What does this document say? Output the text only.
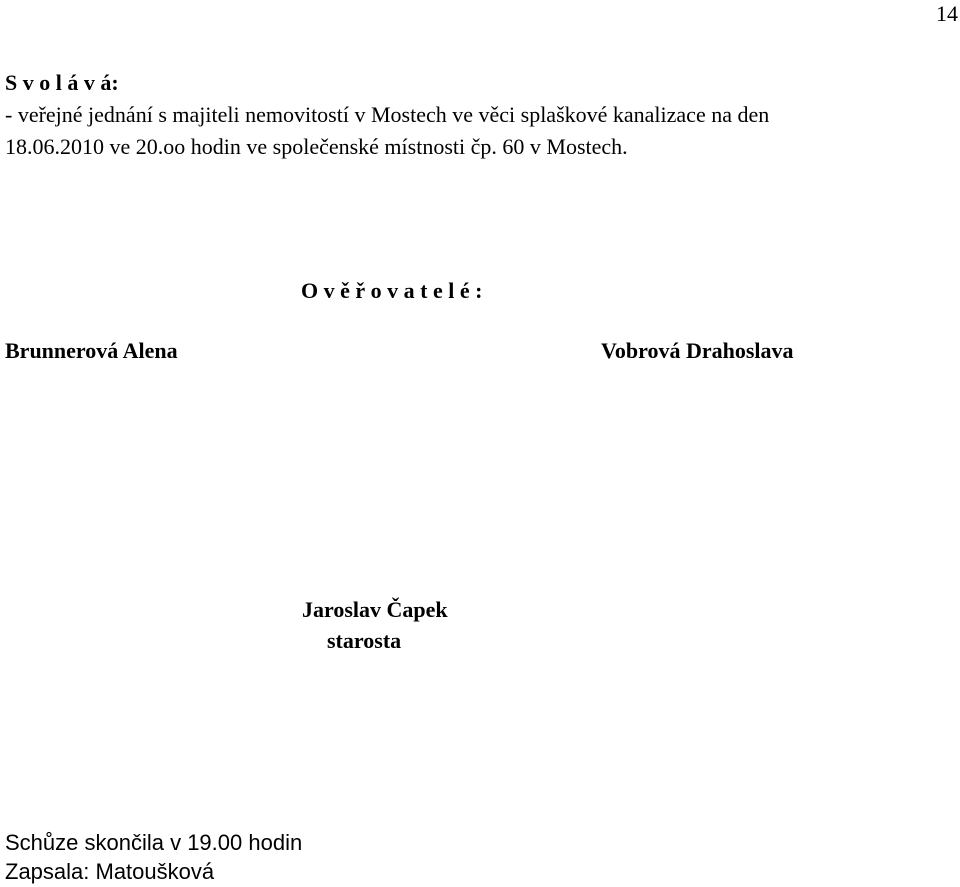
14
S v o l á v á:
- veřejné jednání s majiteli nemovitostí v Mostech ve věci splaškové kanalizace na den
18.06.2010 ve 20.oo hodin ve společenské místnosti čp. 60 v Mostech.
O v ě ř o v a t e l é :
Brunnerová Alena	Vobrová Drahoslava
Jaroslav Čapek
starosta
Schůze skončila v 19.00 hodin
Zapsala: Matoušková
